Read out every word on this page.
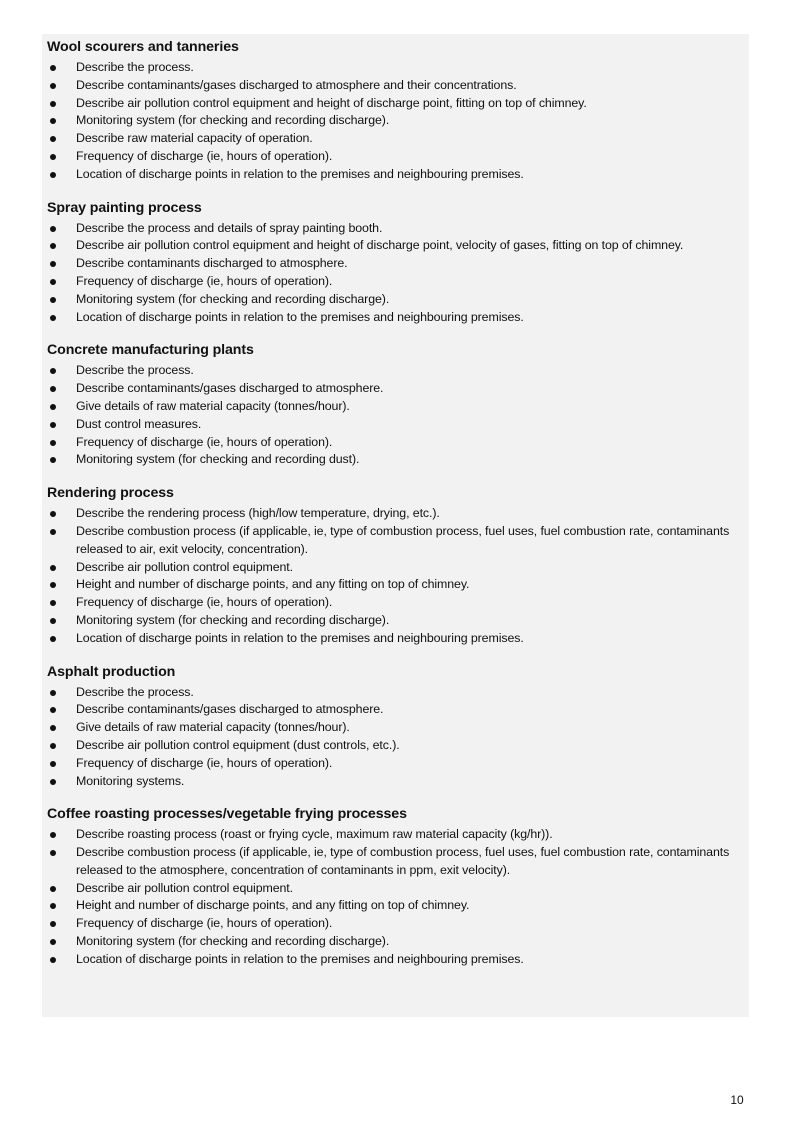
Wool scourers and tanneries
Describe the process.
Describe contaminants/gases discharged to atmosphere and their concentrations.
Describe air pollution control equipment and height of discharge point, fitting on top of chimney.
Monitoring system (for checking and recording discharge).
Describe raw material capacity of operation.
Frequency of discharge (ie, hours of operation).
Location of discharge points in relation to the premises and neighbouring premises.
Spray painting process
Describe the process and details of spray painting booth.
Describe air pollution control equipment and height of discharge point, velocity of gases, fitting on top of chimney.
Describe contaminants discharged to atmosphere.
Frequency of discharge (ie, hours of operation).
Monitoring system (for checking and recording discharge).
Location of discharge points in relation to the premises and neighbouring premises.
Concrete manufacturing plants
Describe the process.
Describe contaminants/gases discharged to atmosphere.
Give details of raw material capacity (tonnes/hour).
Dust control measures.
Frequency of discharge (ie, hours of operation).
Monitoring system (for checking and recording dust).
Rendering process
Describe the rendering process (high/low temperature, drying, etc.).
Describe combustion process (if applicable, ie, type of combustion process, fuel uses, fuel combustion rate, contaminants released to air, exit velocity, concentration).
Describe air pollution control equipment.
Height and number of discharge points, and any fitting on top of chimney.
Frequency of discharge (ie, hours of operation).
Monitoring system (for checking and recording discharge).
Location of discharge points in relation to the premises and neighbouring premises.
Asphalt production
Describe the process.
Describe contaminants/gases discharged to atmosphere.
Give details of raw material capacity (tonnes/hour).
Describe air pollution control equipment (dust controls, etc.).
Frequency of discharge (ie, hours of operation).
Monitoring systems.
Coffee roasting processes/vegetable frying processes
Describe roasting process (roast or frying cycle, maximum raw material capacity (kg/hr)).
Describe combustion process (if applicable, ie, type of combustion process, fuel uses, fuel combustion rate, contaminants released to the atmosphere, concentration of contaminants in ppm, exit velocity).
Describe air pollution control equipment.
Height and number of discharge points, and any fitting on top of chimney.
Frequency of discharge (ie, hours of operation).
Monitoring system (for checking and recording discharge).
Location of discharge points in relation to the premises and neighbouring premises.
10
